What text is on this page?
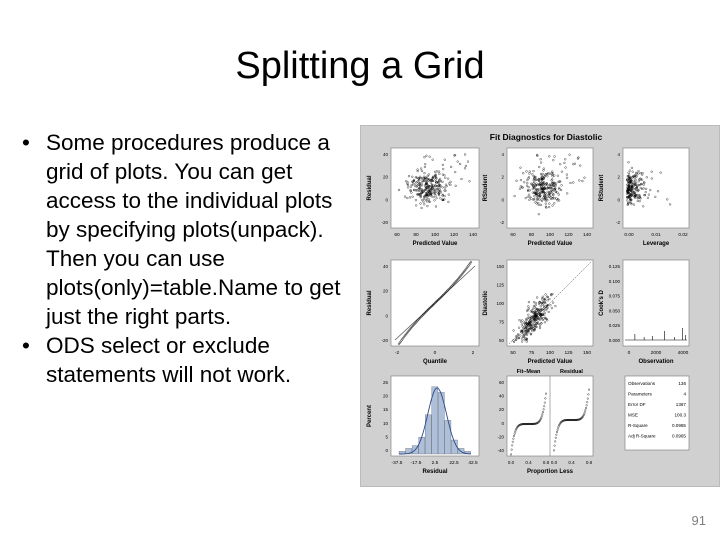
Splitting a Grid
• Some procedures produce a grid of plots. You can get access to the individual plots by specifying plots(unpack). Then you can use plots(only)=table.Name to get just the right parts.
• ODS select or exclude statements will not work.
Fit Diagnostics for Diastolic
Residual
Predicted Value
40
20
0
-20
60	80	100 120 140
RStudent
Predicted Value
4
2
0
-2
60	80 100 120 140
RStudent
Leverage
4
2
0
-2
0.00	0.01	0.02
Residual
Quantile
40
20
0
-20
-2	0	2
Diastolic
Predicted Value
150
125
100
75
50
50	75 100 125 150
Cook's D
Observation
0.125
0.100
0.075
0.050
0.025
0.000
0	2000	4000
Percent
Residual
25
20
15
10
5
0
-37.5 -17.5 2.5 22.5 42.5
Proportion Less
60
40
20
0
-20
-40
Fit–Mean	Residual
0.0 0.4 0.8 0.0 0.4 0.8
Observations	136
Parameters	4
Error DF	1367
MSE	100.3
R-Square	0.0985
Adj R-Square	0.0965
91
